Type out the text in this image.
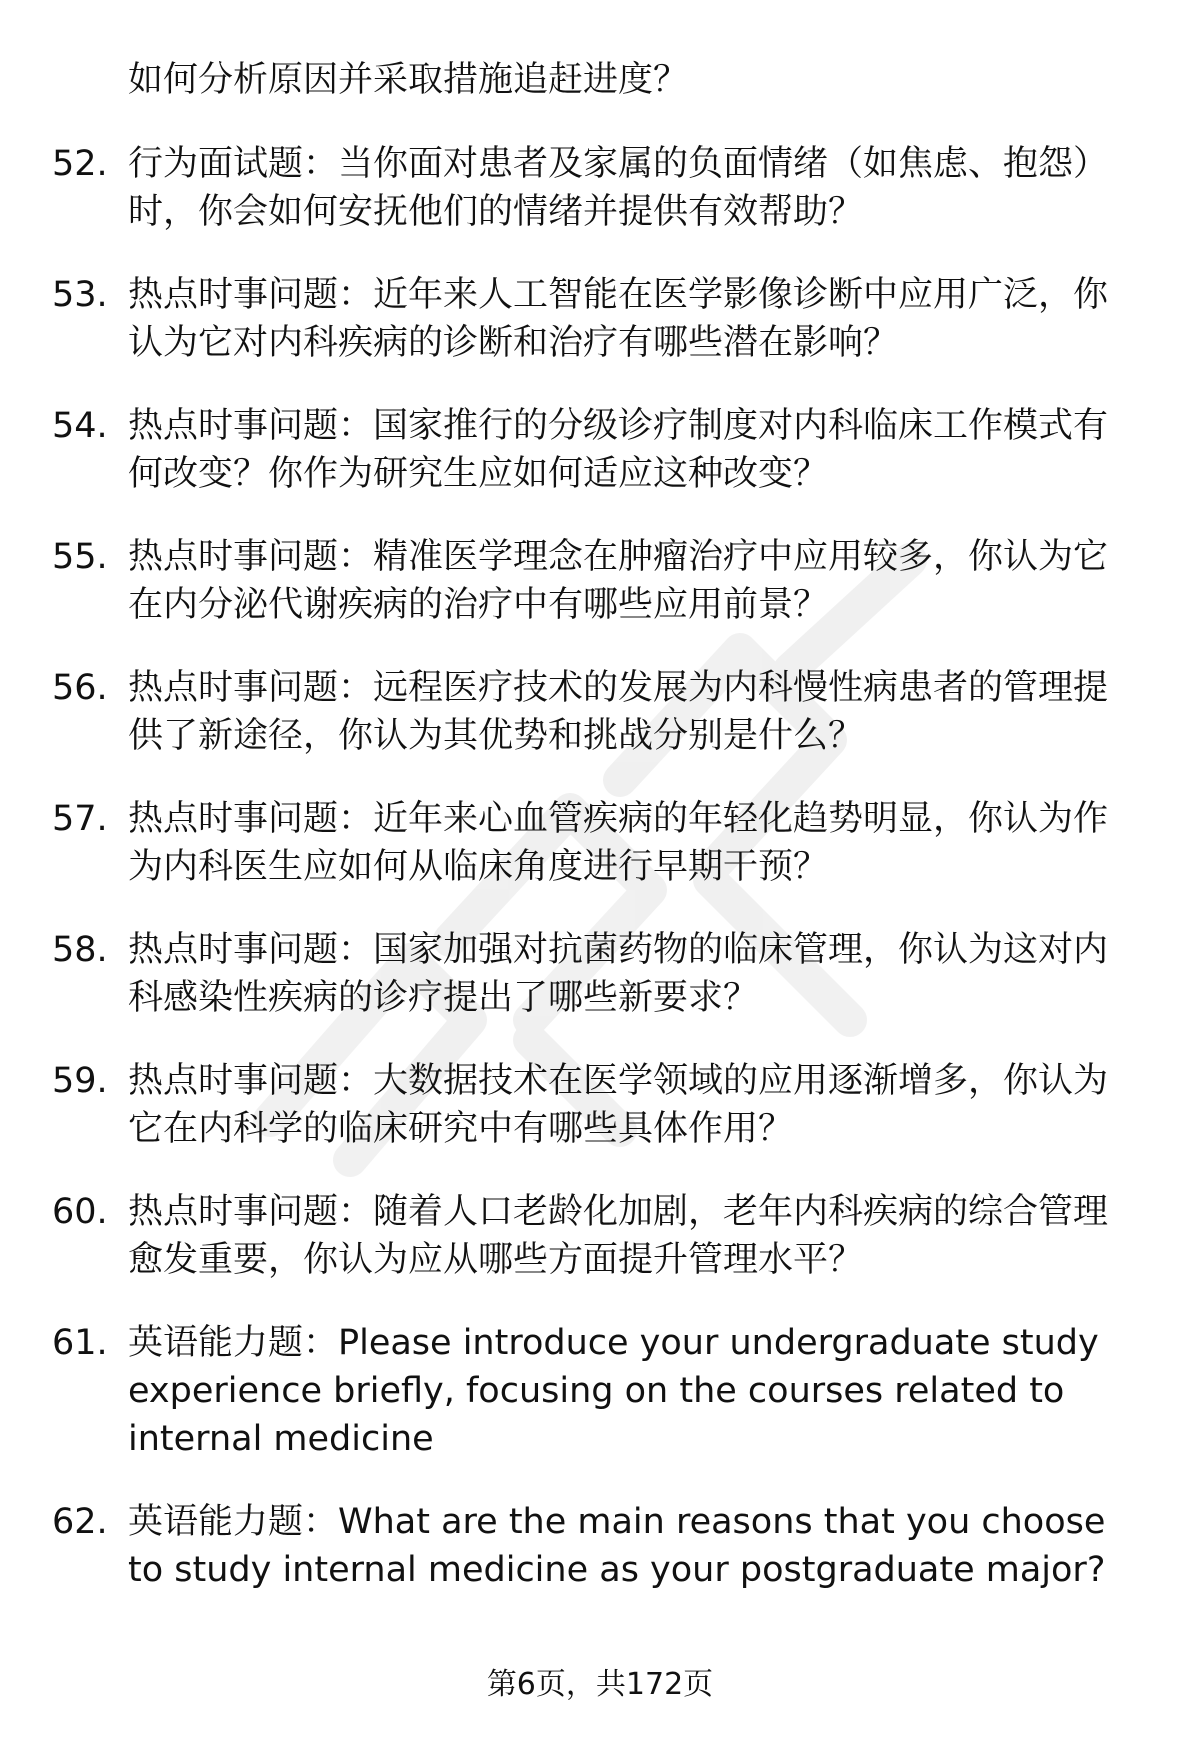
如何分析原因并采取措施追赶进度？

52. 行为面试题：当你面对患者及家属的负面情绪（如焦虑、抱怨）时，你会如何安抚他们的情绪并提供有效帮助？
53. 热点时事问题：近年来人工智能在医学影像诊断中应用广泛，你认为它对内科疾病的诊断和治疗有哪些潜在影响？
54. 热点时事问题：国家推行的分级诊疗制度对内科临床工作模式有何改变？你作为研究生应如何适应这种改变？
55. 热点时事问题：精准医学理念在肿瘤治疗中应用较多，你认为它在内分泌代谢疾病的治疗中有哪些应用前景？
56. 热点时事问题：远程医疗技术的发展为内科慢性病患者的管理提供了新途径，你认为其优势和挑战分别是什么？
57. 热点时事问题：近年来心血管疾病的年轻化趋势明显，你认为作为内科医生应如何从临床角度进行早期干预？
58. 热点时事问题：国家加强对抗菌药物的临床管理，你认为这对内科感染性疾病的诊疗提出了哪些新要求？
59. 热点时事问题：大数据技术在医学领域的应用逐渐增多，你认为它在内科学的临床研究中有哪些具体作用？
60. 热点时事问题：随着人口老龄化加剧，老年内科疾病的综合管理愈发重要，你认为应从哪些方面提升管理水平？
61. 英语能力题：Please introduce your undergraduate study experience briefly, focusing on the courses related to internal medicine
62. 英语能力题：What are the main reasons that you choose to study internal medicine as your postgraduate major?
第6页，共172页
